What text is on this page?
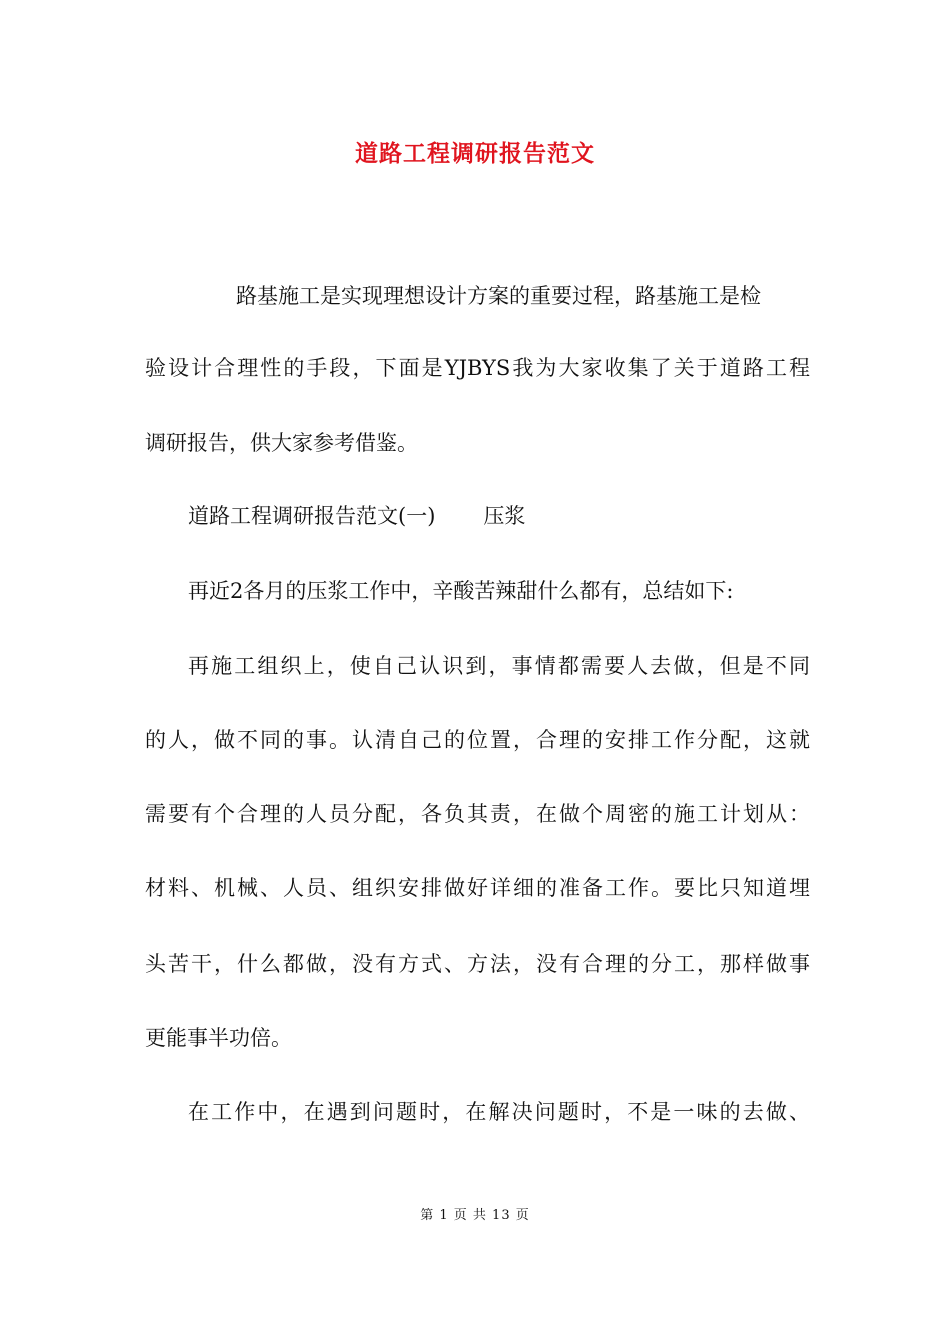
道路工程调研报告范文
路基施工是实现理想设计方案的重要过程，路基施工是检
验设计合理性的手段，下面是YJBYS我为大家收集了关于道路工程
调研报告，供大家参考借鉴。
道路工程调研报告范文(一) 压浆
再近2各月的压浆工作中，辛酸苦辣甜什么都有，总结如下:
再施工组织上，使自己认识到，事情都需要人去做，但是不同
的人，做不同的事。认清自己的位置，合理的安排工作分配，这就
需要有个合理的人员分配，各负其责，在做个周密的施工计划从：
材料、机械、人员、组织安排做好详细的准备工作。要比只知道埋
头苦干，什么都做，没有方式、方法，没有合理的分工，那样做事
更能事半功倍。
在工作中，在遇到问题时，在解决问题时，不是一味的去做、
第 1 页 共 13 页
